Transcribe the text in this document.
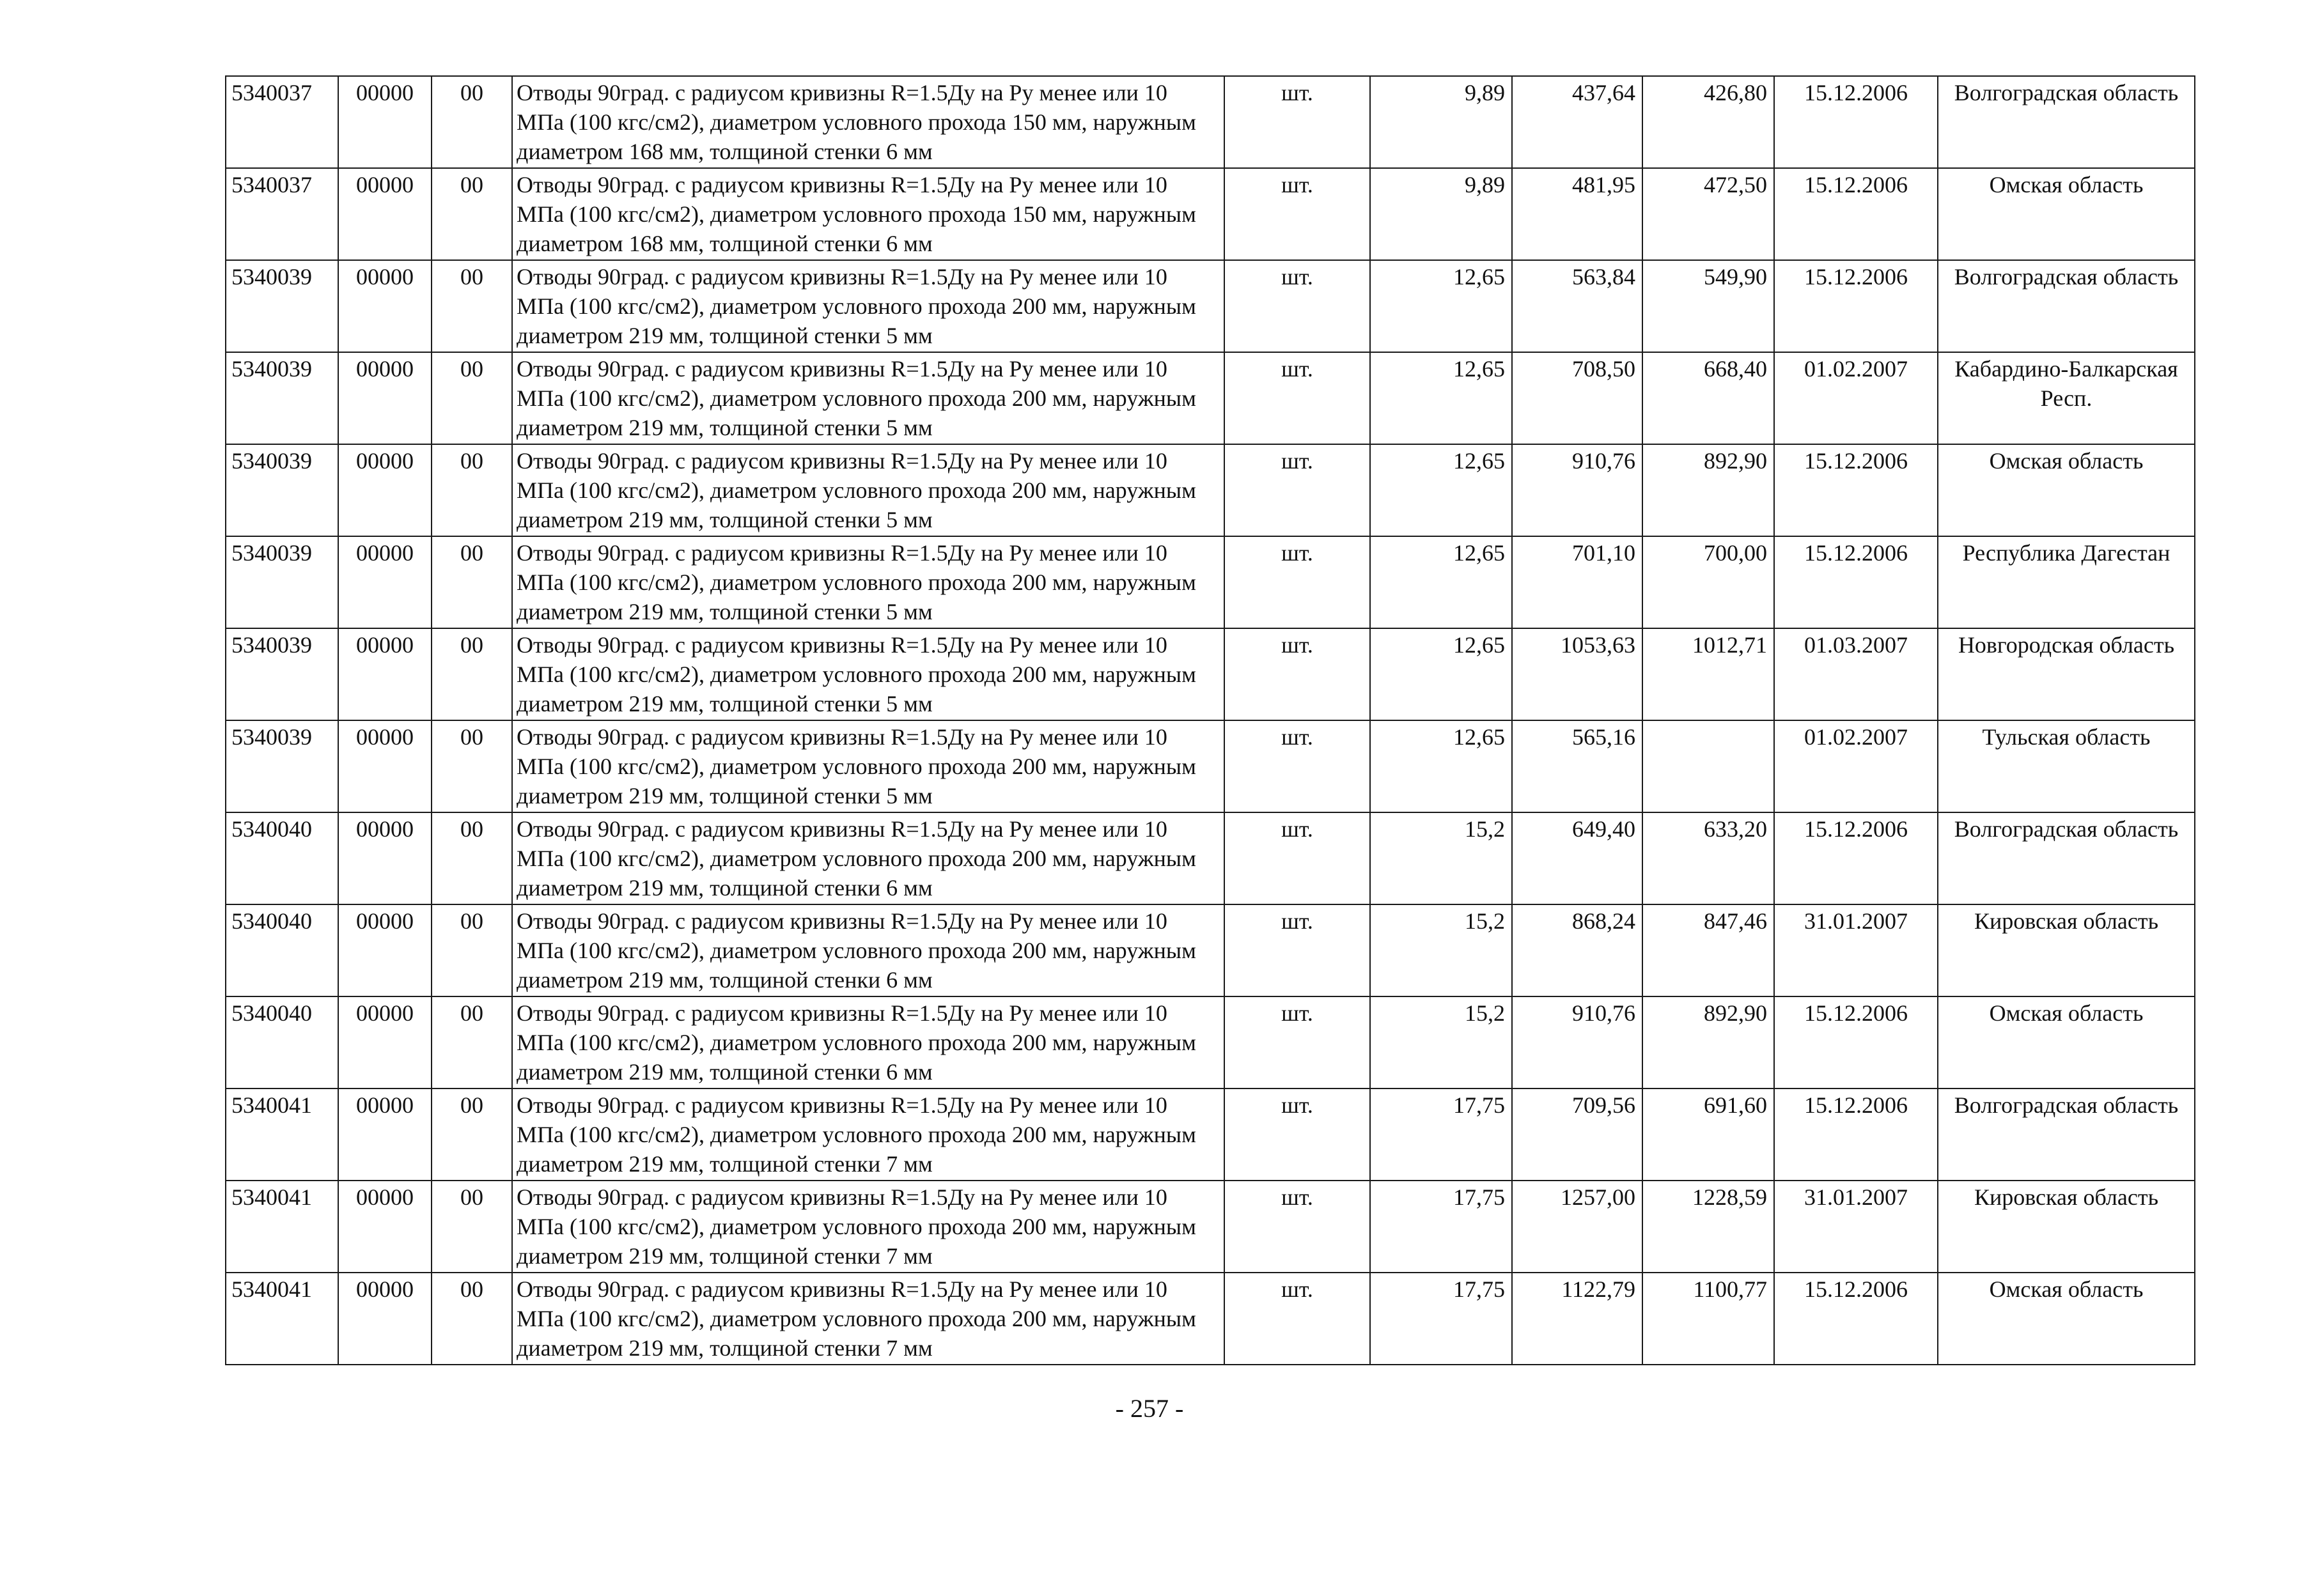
5340037	00000	00	Отводы 90град. с радиусом кривизны R=1.5Ду на Ру менее или 10 МПа (100 кгс/см2), диаметром условного прохода 150 мм, наружным диаметром 168 мм, толщиной стенки 6 мм	шт.	9,89	437,64	426,80	15.12.2006	Волгоградская область
5340037	00000	00	Отводы 90град. с радиусом кривизны R=1.5Ду на Ру менее или 10 МПа (100 кгс/см2), диаметром условного прохода 150 мм, наружным диаметром 168 мм, толщиной стенки 6 мм	шт.	9,89	481,95	472,50	15.12.2006	Омская область
5340039	00000	00	Отводы 90град. с радиусом кривизны R=1.5Ду на Ру менее или 10 МПа (100 кгс/см2), диаметром условного прохода 200 мм, наружным диаметром 219 мм, толщиной стенки 5 мм	шт.	12,65	563,84	549,90	15.12.2006	Волгоградская область
5340039	00000	00	Отводы 90град. с радиусом кривизны R=1.5Ду на Ру менее или 10 МПа (100 кгс/см2), диаметром условного прохода 200 мм, наружным диаметром 219 мм, толщиной стенки 5 мм	шт.	12,65	708,50	668,40	01.02.2007	Кабардино-Балкарская Респ.
5340039	00000	00	Отводы 90град. с радиусом кривизны R=1.5Ду на Ру менее или 10 МПа (100 кгс/см2), диаметром условного прохода 200 мм, наружным диаметром 219 мм, толщиной стенки 5 мм	шт.	12,65	910,76	892,90	15.12.2006	Омская область
5340039	00000	00	Отводы 90град. с радиусом кривизны R=1.5Ду на Ру менее или 10 МПа (100 кгс/см2), диаметром условного прохода 200 мм, наружным диаметром 219 мм, толщиной стенки 5 мм	шт.	12,65	701,10	700,00	15.12.2006	Республика Дагестан
5340039	00000	00	Отводы 90град. с радиусом кривизны R=1.5Ду на Ру менее или 10 МПа (100 кгс/см2), диаметром условного прохода 200 мм, наружным диаметром 219 мм, толщиной стенки 5 мм	шт.	12,65	1053,63	1012,71	01.03.2007	Новгородская область
5340039	00000	00	Отводы 90град. с радиусом кривизны R=1.5Ду на Ру менее или 10 МПа (100 кгс/см2), диаметром условного прохода 200 мм, наружным диаметром 219 мм, толщиной стенки 5 мм	шт.	12,65	565,16		01.02.2007	Тульская область
5340040	00000	00	Отводы 90град. с радиусом кривизны R=1.5Ду на Ру менее или 10 МПа (100 кгс/см2), диаметром условного прохода 200 мм, наружным диаметром 219 мм, толщиной стенки 6 мм	шт.	15,2	649,40	633,20	15.12.2006	Волгоградская область
5340040	00000	00	Отводы 90град. с радиусом кривизны R=1.5Ду на Ру менее или 10 МПа (100 кгс/см2), диаметром условного прохода 200 мм, наружным диаметром 219 мм, толщиной стенки 6 мм	шт.	15,2	868,24	847,46	31.01.2007	Кировская область
5340040	00000	00	Отводы 90град. с радиусом кривизны R=1.5Ду на Ру менее или 10 МПа (100 кгс/см2), диаметром условного прохода 200 мм, наружным диаметром 219 мм, толщиной стенки 6 мм	шт.	15,2	910,76	892,90	15.12.2006	Омская область
5340041	00000	00	Отводы 90град. с радиусом кривизны R=1.5Ду на Ру менее или 10 МПа (100 кгс/см2), диаметром условного прохода 200 мм, наружным диаметром 219 мм, толщиной стенки 7 мм	шт.	17,75	709,56	691,60	15.12.2006	Волгоградская область
5340041	00000	00	Отводы 90град. с радиусом кривизны R=1.5Ду на Ру менее или 10 МПа (100 кгс/см2), диаметром условного прохода 200 мм, наружным диаметром 219 мм, толщиной стенки 7 мм	шт.	17,75	1257,00	1228,59	31.01.2007	Кировская область
5340041	00000	00	Отводы 90град. с радиусом кривизны R=1.5Ду на Ру менее или 10 МПа (100 кгс/см2), диаметром условного прохода 200 мм, наружным диаметром 219 мм, толщиной стенки 7 мм	шт.	17,75	1122,79	1100,77	15.12.2006	Омская область
- 257 -
